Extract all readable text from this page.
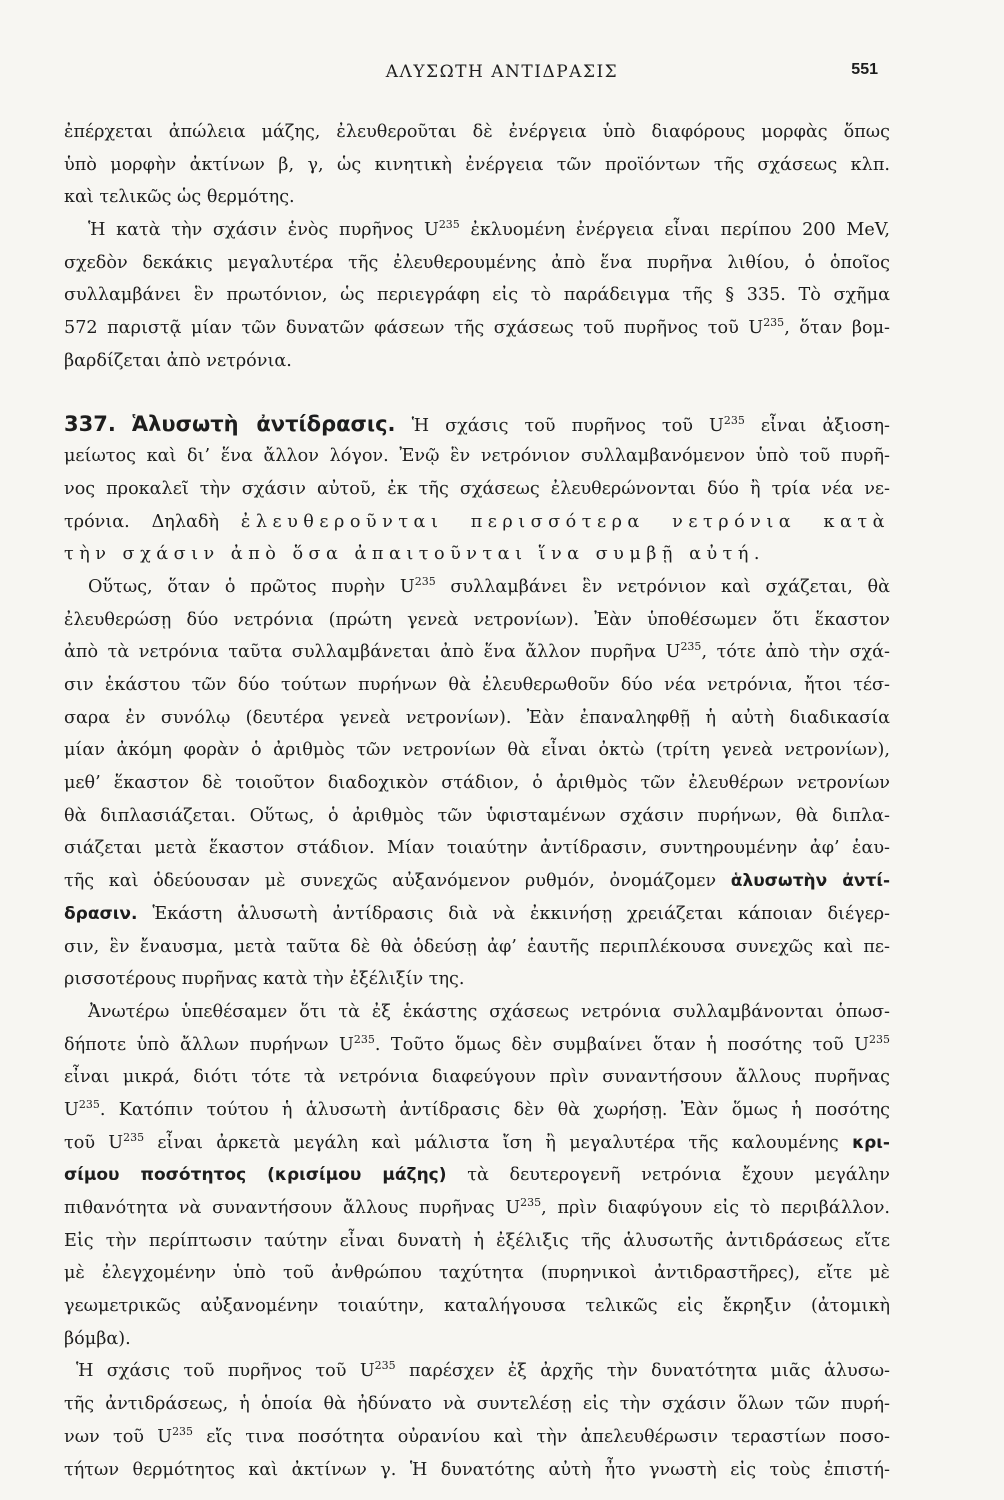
ΑΛΥΣΩΤΗ ΑΝΤΙΔΡΑΣΙΣ	551
ἐπέρχεται ἀπώλεια μάζης, ἐλευθεροῦται δὲ ἐνέργεια ὑπὸ διαφόρους μορφὰς ὅπως
ὑπὸ μορφὴν ἀκτίνων β, γ, ὡς κινητικὴ ἐνέργεια τῶν προϊόντων τῆς σχάσεως κλπ.
καὶ τελικῶς ὡς θερμότης.
Ἡ κατὰ τὴν σχάσιν ἑνὸς πυρῆνος $U^{235}$ ἐκλυομένη ἐνέργεια εἶναι περίπου 200 MeV,
σχεδὸν δεκάκις μεγαλυτέρα τῆς ἐλευθερουμένης ἀπὸ ἕνα πυρῆνα λιθίου, ὁ ὁποῖος
συλλαμβάνει ἓν πρωτόνιον, ὡς περιεγράφη εἰς τὸ παράδειγμα τῆς § 335. Τὸ σχῆμα
572 παριστᾷ μίαν τῶν δυνατῶν φάσεων τῆς σχάσεως τοῦ πυρῆνος τοῦ $U^{235}$, ὅταν βομ-
βαρδίζεται ἀπὸ νετρόνια.
337. Ἁλυσωτὴ ἀντίδρασις. Ἡ σχάσις τοῦ πυρῆνος τοῦ $U^{235}$ εἶναι ἀξιοση-
μείωτος καὶ δι’ ἕνα ἄλλον λόγον. Ἐνῷ ἓν νετρόνιον συλλαμβανόμενον ὑπὸ τοῦ πυρῆ-
νος προκαλεῖ τὴν σχάσιν αὐτοῦ, ἐκ τῆς σχάσεως ἐλευθερώνονται δύο ἢ τρία νέα νε-
τρόνια. Δηλαδὴ ἐλευθεροῦνται περισσότερα νετρόνια κατὰ
τὴν σχάσιν ἀπὸ ὅσα ἀπαιτοῦνται ἵνα συμβῇ αὐτή.
Οὕτως, ὅταν ὁ πρῶτος πυρὴν $U^{235}$ συλλαμβάνει ἓν νετρόνιον καὶ σχάζεται, θὰ
ἐλευθερώσῃ δύο νετρόνια (πρώτη γενεὰ νετρονίων). Ἐὰν ὑποθέσωμεν ὅτι ἕκαστον
ἀπὸ τὰ νετρόνια ταῦτα συλλαμβάνεται ἀπὸ ἕνα ἄλλον πυρῆνα $U^{235}$, τότε ἀπὸ τὴν σχά-
σιν ἑκάστου τῶν δύο τούτων πυρήνων θὰ ἐλευθερωθοῦν δύο νέα νετρόνια, ἤτοι τέσ-
σαρα ἐν συνόλῳ (δευτέρα γενεὰ νετρονίων). Ἐὰν ἐπαναληφθῇ ἡ αὐτὴ διαδικασία
μίαν ἀκόμη φορὰν ὁ ἀριθμὸς τῶν νετρονίων θὰ εἶναι ὀκτὼ (τρίτη γενεὰ νετρονίων),
μεθ’ ἕκαστον δὲ τοιοῦτον διαδοχικὸν στάδιον, ὁ ἀριθμὸς τῶν ἐλευθέρων νετρονίων
θὰ διπλασιάζεται. Οὕτως, ὁ ἀριθμὸς τῶν ὑφισταμένων σχάσιν πυρήνων, θὰ διπλα-
σιάζεται μετὰ ἕκαστον στάδιον. Μίαν τοιαύτην ἀντίδρασιν, συντηρουμένην ἀφ’ ἑαυ-
τῆς καὶ ὁδεύουσαν μὲ συνεχῶς αὐξανόμενον ρυθμόν, ὀνομάζομεν ἁλυσωτὴν ἀντί-
δρασιν. Ἑκάστη ἁλυσωτὴ ἀντίδρασις διὰ νὰ ἐκκινήσῃ χρειάζεται κάποιαν διέγερ-
σιν, ἓν ἔναυσμα, μετὰ ταῦτα δὲ θὰ ὁδεύσῃ ἀφ’ ἑαυτῆς περιπλέκουσα συνεχῶς καὶ πε-
ρισσοτέρους πυρῆνας κατὰ τὴν ἐξέλιξίν της.
Ἀνωτέρω ὑπεθέσαμεν ὅτι τὰ ἐξ ἑκάστης σχάσεως νετρόνια συλλαμβάνονται ὁπωσ-
δήποτε ὑπὸ ἄλλων πυρήνων $U^{235}$. Τοῦτο ὅμως δὲν συμβαίνει ὅταν ἡ ποσότης τοῦ $U^{235}$
εἶναι μικρά, διότι τότε τὰ νετρόνια διαφεύγουν πρὶν συναντήσουν ἄλλους πυρῆνας
$U^{235}$. Κατόπιν τούτου ἡ ἁλυσωτὴ ἀντίδρασις δὲν θὰ χωρήσῃ. Ἐὰν ὅμως ἡ ποσότης
τοῦ $U^{235}$ εἶναι ἀρκετὰ μεγάλη καὶ μάλιστα ἴση ἢ μεγαλυτέρα τῆς καλουμένης κρι-
σίμου ποσότητος (κρισίμου μάζης) τὰ δευτερογενῆ νετρόνια ἔχουν μεγάλην
πιθανότητα νὰ συναντήσουν ἄλλους πυρῆνας $U^{235}$, πρὶν διαφύγουν εἰς τὸ περιβάλλον.
Εἰς τὴν περίπτωσιν ταύτην εἶναι δυνατὴ ἡ ἐξέλιξις τῆς ἁλυσωτῆς ἀντιδράσεως εἴτε
μὲ ἐλεγχομένην ὑπὸ τοῦ ἀνθρώπου ταχύτητα (πυρηνικοὶ ἀντιδραστῆρες), εἴτε μὲ
γεωμετρικῶς αὐξανομένην τοιαύτην, καταλήγουσα τελικῶς εἰς ἔκρηξιν (ἀτομικὴ
βόμβα).
Ἡ σχάσις τοῦ πυρῆνος τοῦ $U^{235}$ παρέσχεν ἐξ ἀρχῆς τὴν δυνατότητα μιᾶς ἁλυσω-
τῆς ἀντιδράσεως, ἡ ὁποία θὰ ἠδύνατο νὰ συντελέσῃ εἰς τὴν σχάσιν ὅλων τῶν πυρή-
νων τοῦ $U^{235}$ εἴς τινα ποσότητα οὐρανίου καὶ τὴν ἀπελευθέρωσιν τεραστίων ποσο-
τήτων θερμότητος καὶ ἀκτίνων γ. Ἡ δυνατότης αὐτὴ ἦτο γνωστὴ εἰς τοὺς ἐπιστή-
